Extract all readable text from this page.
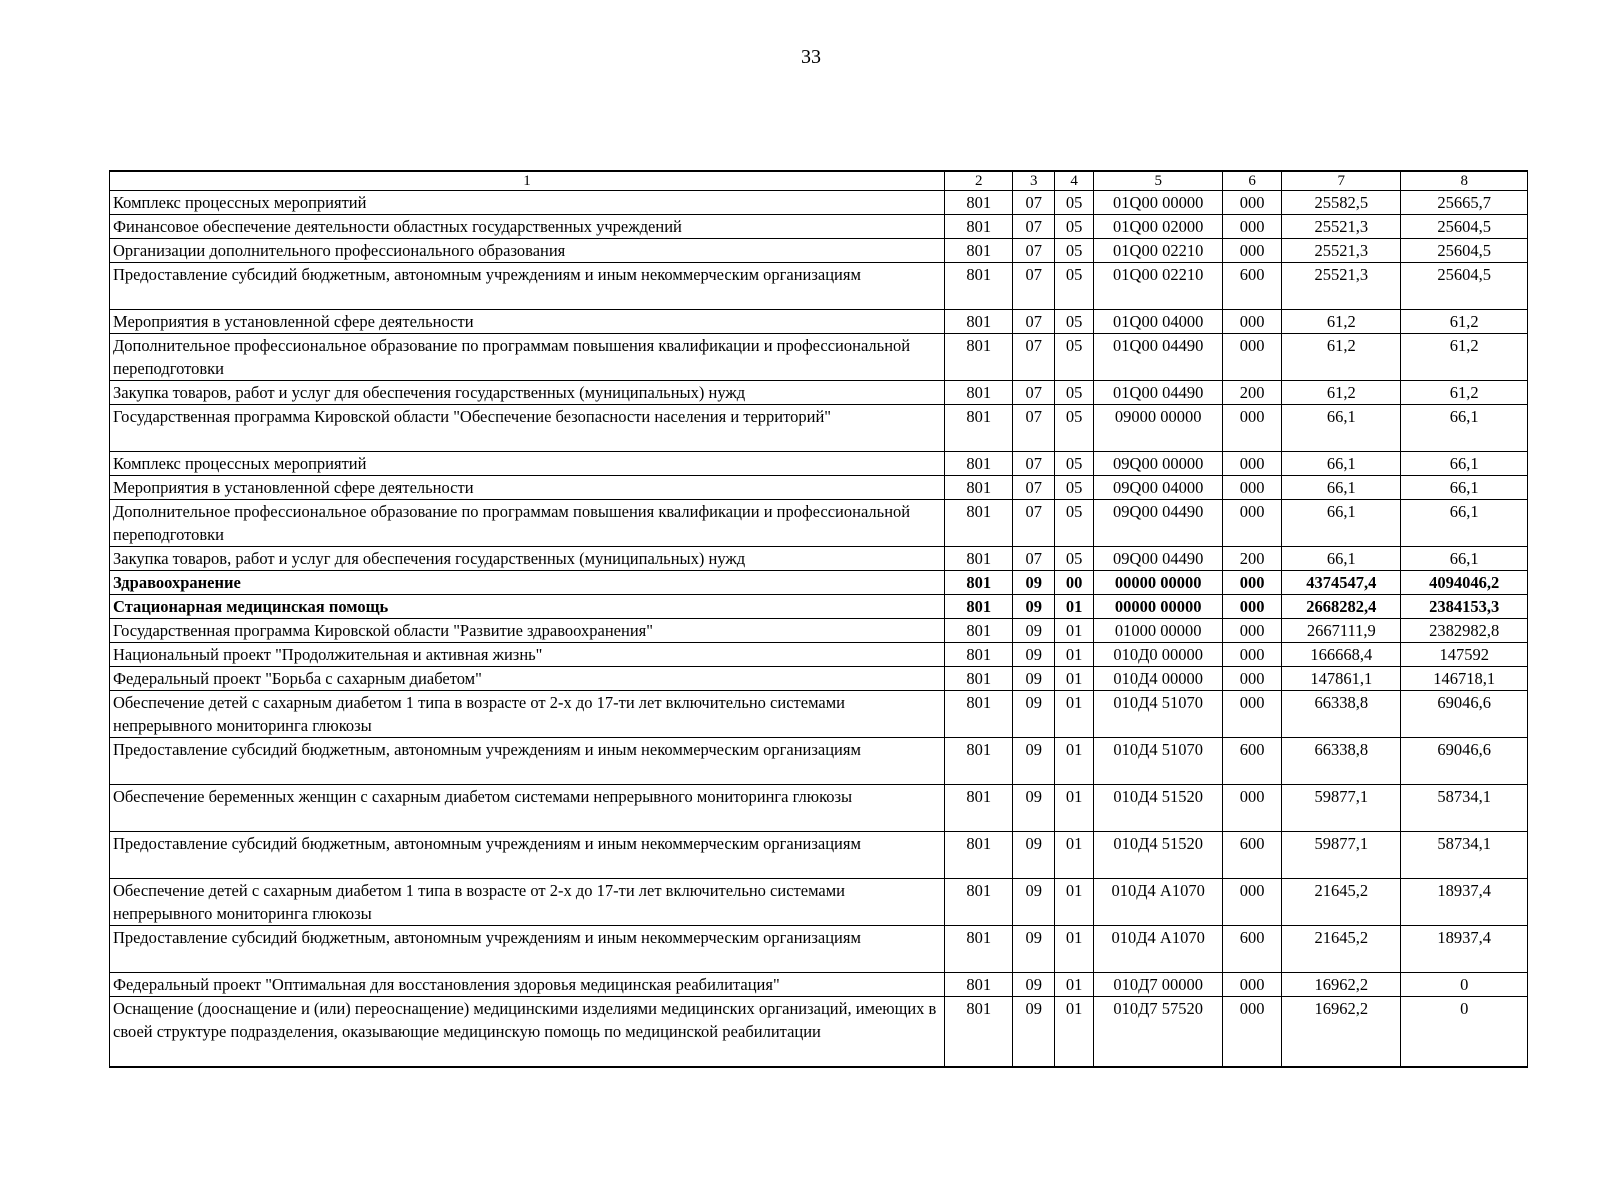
33
1	2	3	4	5	6	7	8
Комплекс процессных мероприятий	801	07	05	01Q00 00000	000	25582,5	25665,7
Финансовое обеспечение деятельности областных государственных учреждений	801	07	05	01Q00 02000	000	25521,3	25604,5
Организации дополнительного профессионального образования	801	07	05	01Q00 02210	000	25521,3	25604,5
Предоставление субсидий бюджетным, автономным учреждениям и иным некоммерческим организациям	801	07	05	01Q00 02210	600	25521,3	25604,5
Мероприятия в установленной сфере деятельности	801	07	05	01Q00 04000	000	61,2	61,2
Дополнительное профессиональное образование по программам повышения квалификации и профессиональной переподготовки	801	07	05	01Q00 04490	000	61,2	61,2
Закупка товаров, работ и услуг для обеспечения государственных (муниципальных) нужд	801	07	05	01Q00 04490	200	61,2	61,2
Государственная программа Кировской области "Обеспечение безопасности населения и территорий"	801	07	05	09000 00000	000	66,1	66,1
Комплекс процессных мероприятий	801	07	05	09Q00 00000	000	66,1	66,1
Мероприятия в установленной сфере деятельности	801	07	05	09Q00 04000	000	66,1	66,1
Дополнительное профессиональное образование по программам повышения квалификации и профессиональной переподготовки	801	07	05	09Q00 04490	000	66,1	66,1
Закупка товаров, работ и услуг для обеспечения государственных (муниципальных) нужд	801	07	05	09Q00 04490	200	66,1	66,1
Здравоохранение	801	09	00	00000 00000	000	4374547,4	4094046,2
Стационарная медицинская помощь	801	09	01	00000 00000	000	2668282,4	2384153,3
Государственная программа Кировской области "Развитие здравоохранения"	801	09	01	01000 00000	000	2667111,9	2382982,8
Национальный проект "Продолжительная и активная жизнь"	801	09	01	010Д0 00000	000	166668,4	147592
Федеральный проект "Борьба с сахарным диабетом"	801	09	01	010Д4 00000	000	147861,1	146718,1
Обеспечение детей с сахарным диабетом 1 типа в возрасте от 2-х до 17-ти лет включительно системами непрерывного мониторинга глюкозы	801	09	01	010Д4 51070	000	66338,8	69046,6
Предоставление субсидий бюджетным, автономным учреждениям и иным некоммерческим организациям	801	09	01	010Д4 51070	600	66338,8	69046,6
Обеспечение беременных женщин с сахарным диабетом системами непрерывного мониторинга глюкозы	801	09	01	010Д4 51520	000	59877,1	58734,1
Предоставление субсидий бюджетным, автономным учреждениям и иным некоммерческим организациям	801	09	01	010Д4 51520	600	59877,1	58734,1
Обеспечение детей с сахарным диабетом 1 типа в возрасте от 2-х до 17-ти лет включительно системами непрерывного мониторинга глюкозы	801	09	01	010Д4 А1070	000	21645,2	18937,4
Предоставление субсидий бюджетным, автономным учреждениям и иным некоммерческим организациям	801	09	01	010Д4 А1070	600	21645,2	18937,4
Федеральный проект "Оптимальная для восстановления здоровья медицинская реабилитация"	801	09	01	010Д7 00000	000	16962,2	0
Оснащение (дооснащение и (или) переоснащение) медицинскими изделиями медицинских организаций, имеющих в своей структуре подразделения, оказывающие медицинскую помощь по медицинской реабилитации	801	09	01	010Д7 57520	000	16962,2	0
